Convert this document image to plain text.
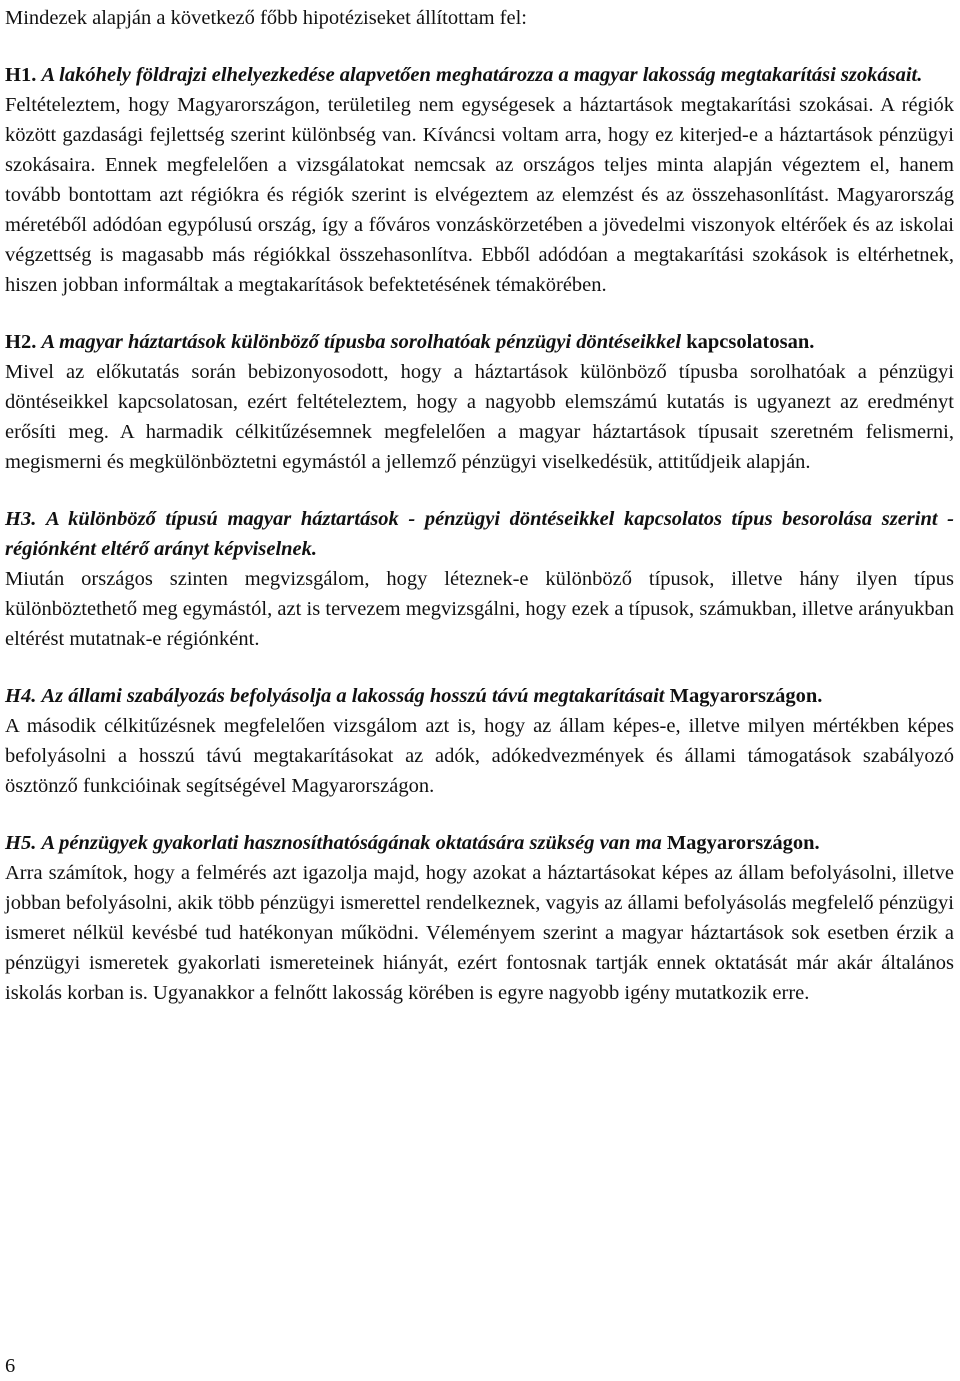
Mindezek alapján a következő főbb hipotéziseket állítottam fel:

H1. A lakóhely földrajzi elhelyezkedése alapvetően meghatározza a magyar lakosság megtakarítási szokásait.

Feltételeztem, hogy Magyarországon, területileg nem egységesek a háztartások megtakarítási szokásai. A régiók között gazdasági fejlettség szerint különbség van. Kíváncsi voltam arra, hogy ez kiterjed-e a háztartások pénzügyi szokásaira. Ennek megfelelően a vizsgálatokat nemcsak az országos teljes minta alapján végeztem el, hanem tovább bontottam azt régiókra és régiók szerint is elvégeztem az elemzést és az összehasonlítást. Magyarország méretéből adódóan egypólusú ország, így a főváros vonzáskörzetében a jövedelmi viszonyok eltérőek és az iskolai végzettség is magasabb más régiókkal összehasonlítva. Ebből adódóan a megtakarítási szokások is eltérhetnek, hiszen jobban informáltak a megtakarítások befektetésének témakörében.

H2. A magyar háztartások különböző típusba sorolhatóak pénzügyi döntéseikkel kapcsolatosan.

Mivel az előkutatás során bebizonyosodott, hogy a háztartások különböző típusba sorolhatóak a pénzügyi döntéseikkel kapcsolatosan, ezért feltételeztem, hogy a nagyobb elemszámú kutatás is ugyanezt az eredményt erősíti meg. A harmadik célkitűzésemnek megfelelően a magyar háztartások típusait szeretném felismerni, megismerni és megkülönböztetni egymástól a jellemző pénzügyi viselkedésük, attitűdjeik alapján.

H3. A különböző típusú magyar háztartások - pénzügyi döntéseikkel kapcsolatos típus besorolása szerint - régiónként eltérő arányt képviselnek.

Miután országos szinten megvizsgálom, hogy léteznek-e különböző típusok, illetve hány ilyen típus különböztethető meg egymástól, azt is tervezem megvizsgálni, hogy ezek a típusok, számukban, illetve arányukban eltérést mutatnak-e régiónként.

H4. Az állami szabályozás befolyásolja a lakosság hosszú távú megtakarításait Magyarországon.

A második célkitűzésnek megfelelően vizsgálom azt is, hogy az állam képes-e, illetve milyen mértékben képes befolyásolni a hosszú távú megtakarításokat az adók, adókedvezmények és állami támogatások szabályozó ösztönző funkcióinak segítségével Magyarországon.

H5. A pénzügyek gyakorlati hasznosíthatóságának oktatására szükség van ma Magyarországon.

Arra számítok, hogy a felmérés azt igazolja majd, hogy azokat a háztartásokat képes az állam befolyásolni, illetve jobban befolyásolni, akik több pénzügyi ismerettel rendelkeznek, vagyis az állami befolyásolás megfelelő pénzügyi ismeret nélkül kevésbé tud hatékonyan működni. Véleményem szerint a magyar háztartások sok esetben érzik a pénzügyi ismeretek gyakorlati ismereteinek hiányát, ezért fontosnak tartják ennek oktatását már akár általános iskolás korban is. Ugyanakkor a felnőtt lakosság körében is egyre nagyobb igény mutatkozik erre.

6
